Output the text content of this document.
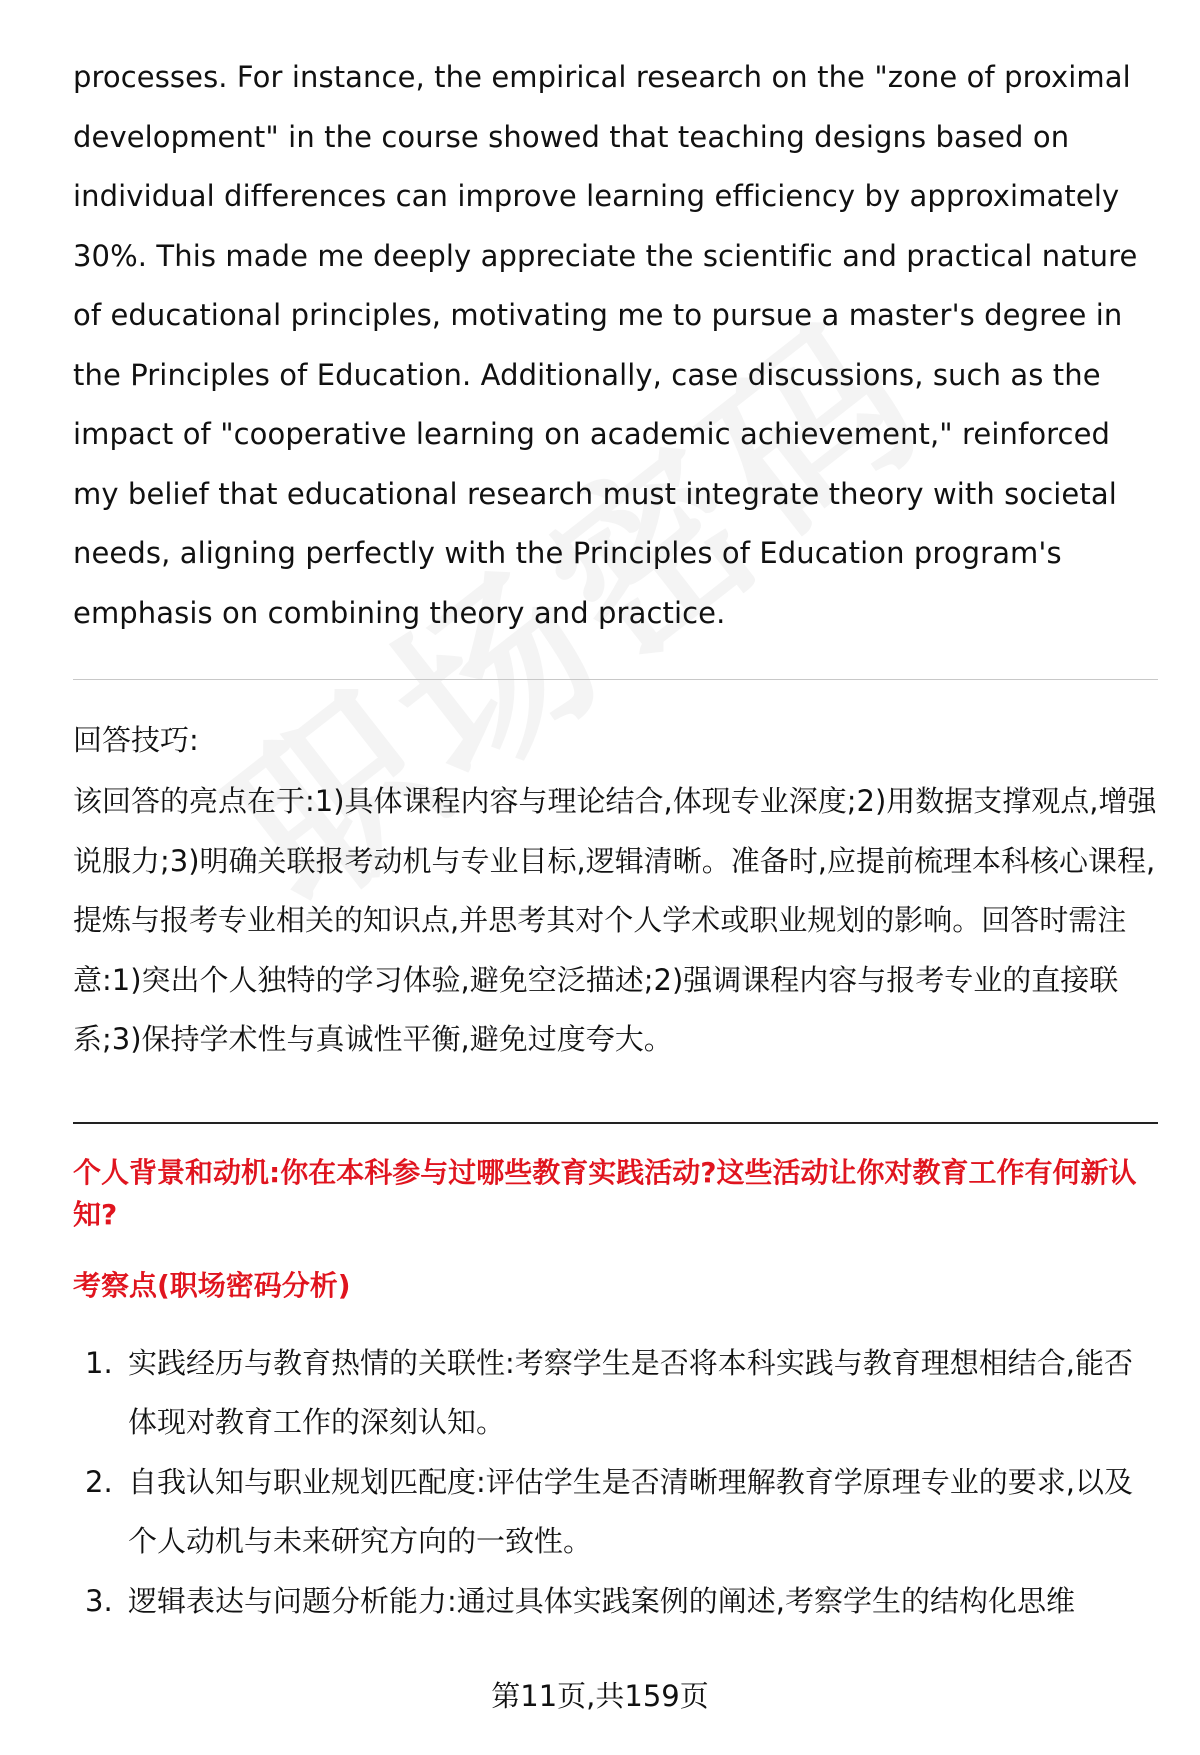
processes. For instance, the empirical research on the "zone of proximal development" in the course showed that teaching designs based on individual differences can improve learning efficiency by approximately 30%. This made me deeply appreciate the scientific and practical nature of educational principles, motivating me to pursue a master's degree in the Principles of Education. Additionally, case discussions, such as the impact of "cooperative learning on academic achievement," reinforced my belief that educational research must integrate theory with societal needs, aligning perfectly with the Principles of Education program's emphasis on combining theory and practice.

回答技巧:

该回答的亮点在于:1)具体课程内容与理论结合,体现专业深度;2)用数据支撑观点,增强说服力;3)明确关联报考动机与专业目标,逻辑清晰。准备时,应提前梳理本科核心课程,提炼与报考专业相关的知识点,并思考其对个人学术或职业规划的影响。回答时需注意:1)突出个人独特的学习体验,避免空泛描述;2)强调课程内容与报考专业的直接联系;3)保持学术性与真诚性平衡,避免过度夸大。

个人背景和动机:你在本科参与过哪些教育实践活动?这些活动让你对教育工作有何新认知?

考察点(职场密码分析)

1. 实践经历与教育热情的关联性:考察学生是否将本科实践与教育理想相结合,能否体现对教育工作的深刻认知。
2. 自我认知与职业规划匹配度:评估学生是否清晰理解教育学原理专业的要求,以及个人动机与未来研究方向的一致性。
3. 逻辑表达与问题分析能力:通过具体实践案例的阐述,考察学生的结构化思维
第11页,共159页
